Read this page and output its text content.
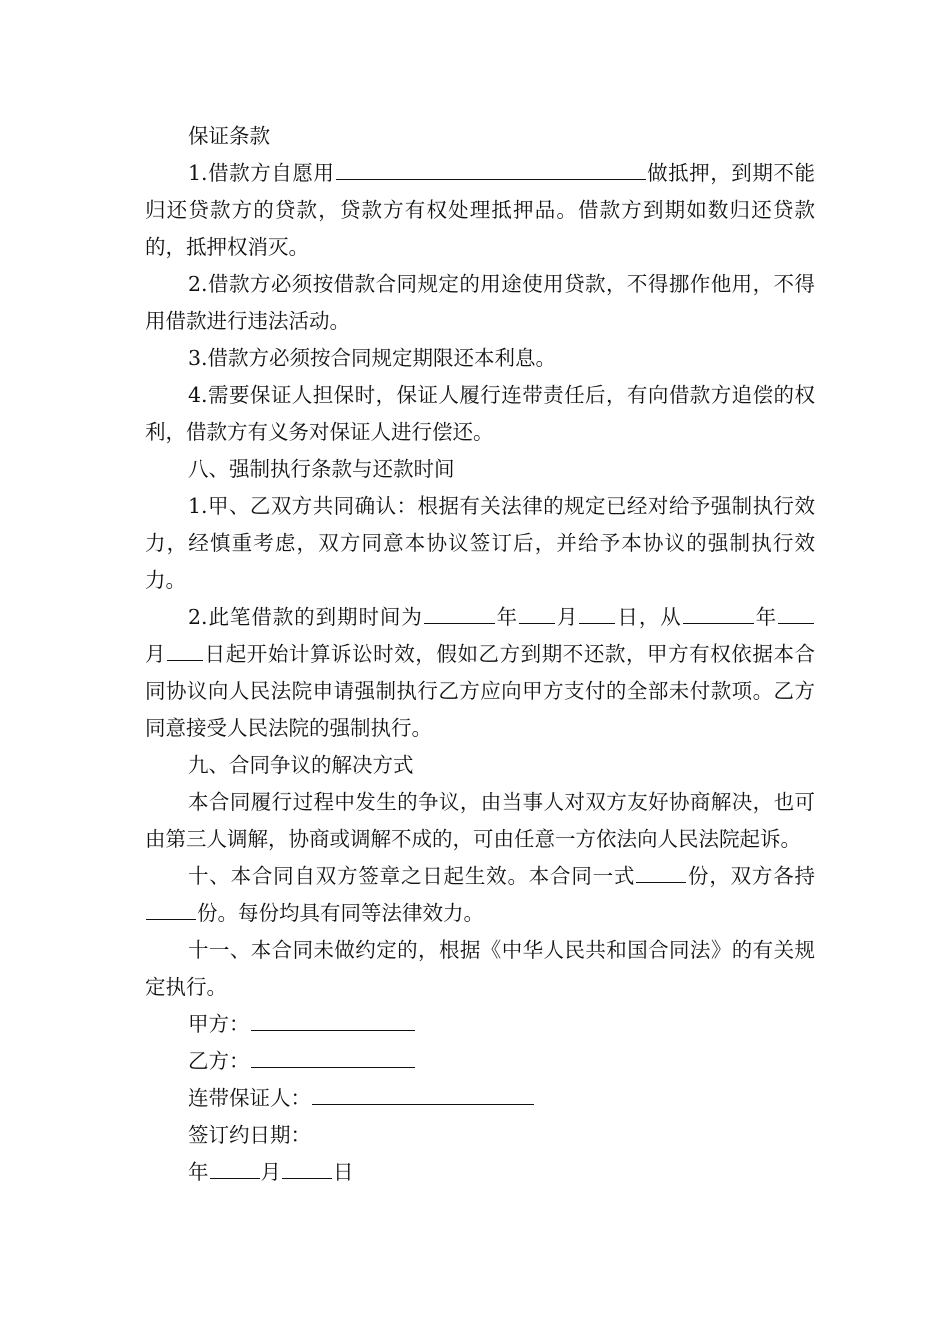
保证条款

1.借款方自愿用	做抵押，到期不能归还贷款方的贷款，贷款方有权处理抵押品。借款方到期如数归还贷款的，抵押权消灭。

2.借款方必须按借款合同规定的用途使用贷款，不得挪作他用，不得用借款进行违法活动。

3.借款方必须按合同规定期限还本利息。

4.需要保证人担保时，保证人履行连带责任后，有向借款方追偿的权利，借款方有义务对保证人进行偿还。

八、强制执行条款与还款时间

1.甲、乙双方共同确认：根据有关法律的规定已经对给予强制执行效力，经慎重考虑，双方同意本协议签订后，并给予本协议的强制执行效力。

2.此笔借款的到期时间为	年 月 日，从	年月 日起开始计算诉讼时效，假如乙方到期不还款，甲方有权依据本合同协议向人民法院申请强制执行乙方应向甲方支付的全部未付款项。乙方同意接受人民法院的强制执行。

九、合同争议的解决方式

本合同履行过程中发生的争议，由当事人对双方友好协商解决，也可由第三人调解，协商或调解不成的，可由任意一方依法向人民法院起诉。

十、本合同自双方签章之日起生效。本合同一式	份，双方各持份。每份均具有同等法律效力。

十一、本合同未做约定的，根据《中华人民共和国合同法》的有关规定执行。

甲方：

乙方：

连带保证人：

签订约日期：

年	月	日
